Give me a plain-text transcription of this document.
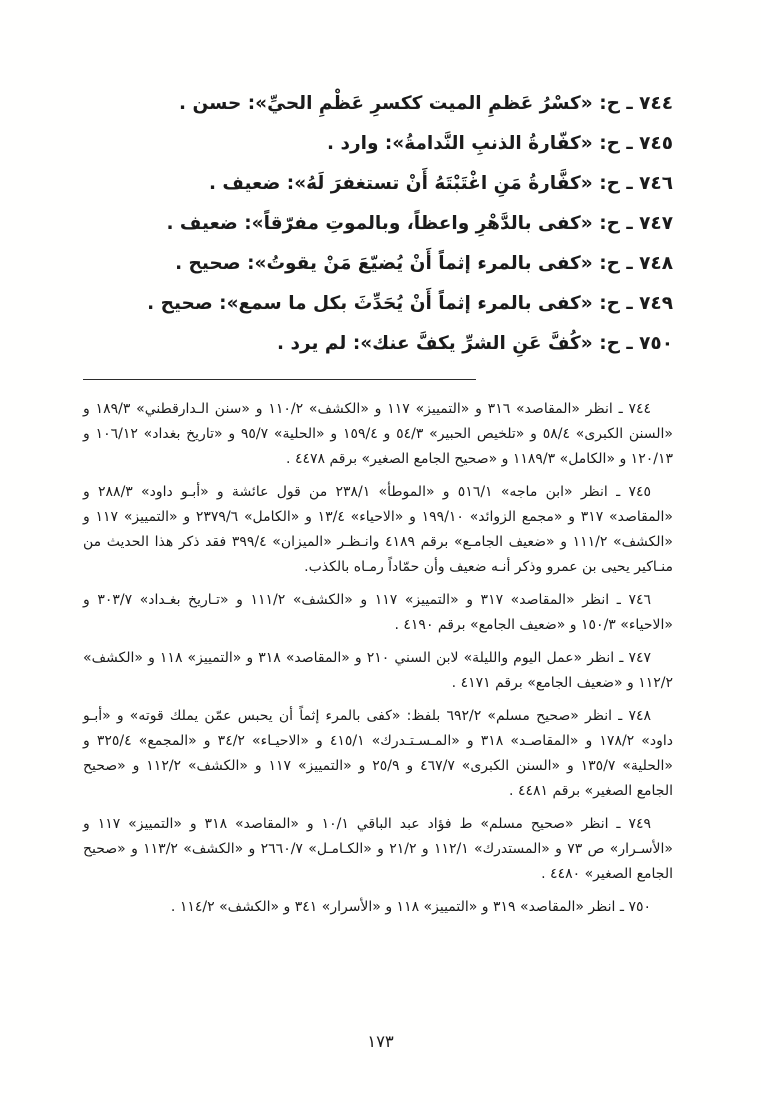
٧٤٤ ـ ح: «كسْرُ عَظمِ الميت ككسرِ عَظْمِ الحيِّ»: حسن .

٧٤٥ ـ ح: «كفّارةُ الذنبِ النَّدامةُ»: وارد .

٧٤٦ ـ ح: «كفَّارةُ مَنِ اغْتَبْتَهُ أَنْ تستغفرَ لَهُ»: ضعيف .

٧٤٧ ـ ح: «كفى بالدَّهْرِ واعظاً، وبالموتِ مفرّقاً»: ضعيف .

٧٤٨ ـ ح: «كفى بالمرء إثماً أَنْ يُضيّعَ مَنْ يقوتُ»: صحيح .

٧٤٩ ـ ح: «كفى بالمرء إثماً أَنْ يُحَدِّثَ بكل ما سمع»: صحيح .

٧٥٠ ـ ح: «كُفَّ عَنِ الشرِّ يكفَّ عنك»: لم يرد .

٧٤٤ ـ انظر «المقاصد» ٣١٦ و «التمييز» ١١٧ و «الكشف» ١١٠/٢ و «سنن الـدارقطني» ١٨٩/٣ و «السنن الكبرى» ٥٨/٤ و «تلخيص الحبير» ٥٤/٣ و ١٥٩/٤ و «الحلية» ٩٥/٧ و «تاريخ بغداد» ١٠٦/١٢ و ١٢٠/١٣ و «الكامل» ١١٨٩/٣ و «صحيح الجامع الصغير» برقم ٤٤٧٨ .

٧٤٥ ـ انظر «ابن ماجه» ٥١٦/١ و «الموطأ» ٢٣٨/١ من قول عائشة و «أبـو داود» ٢٨٨/٣ و «المقاصد» ٣١٧ و «مجمع الزوائد» ١٩٩/١٠ و «الاحياء» ١٣/٤ و «الكامل» ٢٣٧٩/٦ و «التمييز» ١١٧ و «الكشف» ١١١/٢ و «ضعيف الجامـع» برقم ٤١٨٩ وانـظـر «الميزان» ٣٩٩/٤ فقد ذكر هذا الحديث من منـاكير يحيى بن عمرو وذكر أنـه ضعيف وأن حمّاداً رمـاه بالكذب.

٧٤٦ ـ انظر «المقاصد» ٣١٧ و «التمييز» ١١٧ و «الكشف» ١١١/٢ و «تـاريخ بغـداد» ٣٠٣/٧ و «الاحياء» ١٥٠/٣ و «ضعيف الجامع» برقم ٤١٩٠ .

٧٤٧ ـ انظر «عمل اليوم والليلة» لابن السني ٢١٠ و «المقاصد» ٣١٨ و «التمييز» ١١٨ و «الكشف» ١١٢/٢ و «ضعيف الجامع» برقم ٤١٧١ .

٧٤٨ ـ انظر «صحيح مسلم» ٦٩٢/٢ بلفظ: «كفى بالمرء إثماً أن يحبس عمّن يملك قوته» و «أبـو داود» ١٧٨/٢ و «المقاصـد» ٣١٨ و «المـسـتـدرك» ٤١٥/١ و «الاحيـاء» ٣٤/٢ و «المجمع» ٣٢٥/٤ و «الحلية» ١٣٥/٧ و «السنن الكبرى» ٤٦٧/٧ و ٢٥/٩ و «التمييز» ١١٧ و «الكشف» ١١٢/٢ و «صحيح الجامع الصغير» برقم ٤٤٨١ .

٧٤٩ ـ انظر «صحيح مسلم» ط فؤاد عبد الباقي ١٠/١ و «المقاصد» ٣١٨ و «التمييز» ١١٧ و «الأسـرار» ص ٧٣ و «المستدرك» ١١٢/١ و ٢١/٢ و «الكـامـل» ٢٦٦٠/٧ و «الكشف» ١١٣/٢ و «صحيح الجامع الصغير» ٤٤٨٠ .

٧٥٠ ـ انظر «المقاصد» ٣١٩ و «التمييز» ١١٨ و «الأسرار» ٣٤١ و «الكشف» ١١٤/٢ .

١٧٣
